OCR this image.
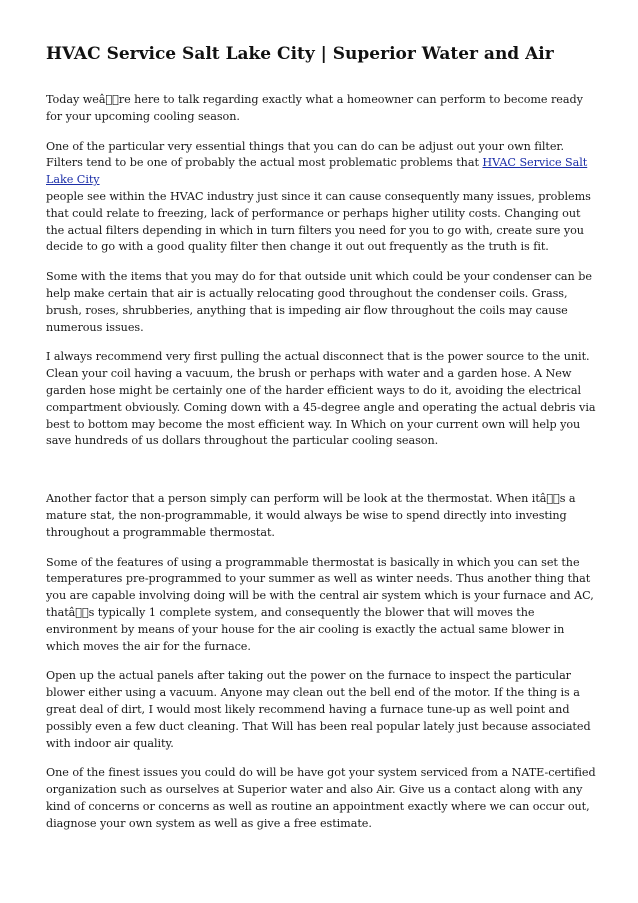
HVAC Service Salt Lake City | Superior Water and Air

Today weâ  re here to talk regarding exactly what a homeowner can perform to become ready for your upcoming cooling season.

One of the particular very essential things that you can do can be adjust out your own filter. Filters tend to be one of probably the actual most problematic problems that HVAC Service Salt Lake City
people see within the HVAC industry just since it can cause consequently many issues, problems that could relate to freezing, lack of performance or perhaps higher utility costs. Changing out the actual filters depending in which in turn filters you need for you to go with, create sure you decide to go with a good quality filter then change it out out frequently as the truth is fit.

Some with the items that you may do for that outside unit which could be your condenser can be help make certain that air is actually relocating good throughout the condenser coils. Grass, brush, roses, shrubberies, anything that is impeding air flow throughout the coils may cause numerous issues.

I always recommend very first pulling the actual disconnect that is the power source to the unit. Clean your coil having a vacuum, the brush or perhaps with water and a garden hose. A New garden hose might be certainly one of the harder efficient ways to do it, avoiding the electrical compartment obviously. Coming down with a 45-degree angle and operating the actual debris via best to bottom may become the most efficient way. In Which on your current own will help you save hundreds of us dollars throughout the particular cooling season.

Another factor that a person simply can perform will be look at the thermostat. When itâ  s a mature stat, the non-programmable, it would always be wise to spend directly into investing throughout a programmable thermostat.

Some of the features of using a programmable thermostat is basically in which you can set the temperatures pre-programmed to your summer as well as winter needs. Thus another thing that you are capable involving doing will be with the central air system which is your furnace and AC, thatâ  s typically 1 complete system, and consequently the blower that will moves the environment by means of your house for the air cooling is exactly the actual same blower in which moves the air for the furnace.

Open up the actual panels after taking out the power on the furnace to inspect the particular blower either using a vacuum. Anyone may clean out the bell end of the motor. If the thing is a great deal of dirt, I would most likely recommend having a furnace tune-up as well point and possibly even a few duct cleaning. That Will has been real popular lately just because associated with indoor air quality.

One of the finest issues you could do will be have got your system serviced from a NATE-certified organization such as ourselves at Superior water and also Air. Give us a contact along with any kind of concerns or concerns as well as routine an appointment exactly where we can occur out, diagnose your own system as well as give a free estimate.
